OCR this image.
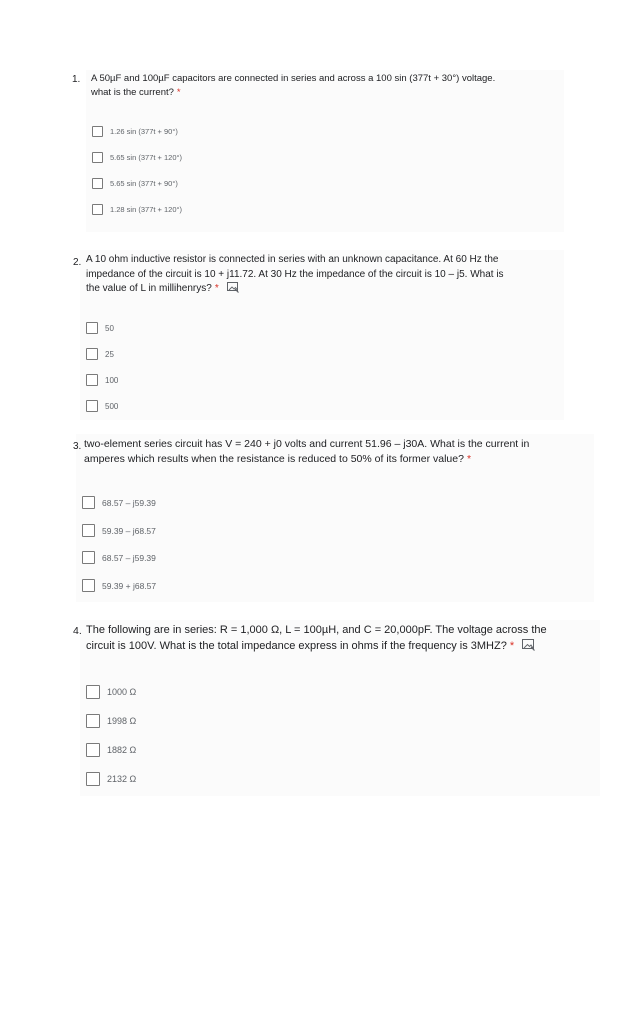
1. A 50µF and 100µF capacitors are connected in series and across a 100 sin (377t + 30°) voltage.
what is the current? *
1.26 sin (377t + 90°)
5.65 sin (377t + 120°)
5.65 sin (377t + 90°)
1.28 sin (377t + 120°)
2. A 10 ohm inductive resistor is connected in series with an unknown capacitance. At 60 Hz the
impedance of the circuit is 10 + j11.72. At 30 Hz the impedance of the circuit is 10 – j5. What is
the value of L in millihenrys? *
50
25
100
500
3. two-element series circuit has V = 240 + j0 volts and current 51.96 – j30A. What is the current in
amperes which results when the resistance is reduced to 50% of its former value? *
68.57 – j59.39
59.39 – j68.57
68.57 – j59.39
59.39 + j68.57
4. The following are in series: R = 1,000 Ω, L = 100µH, and C = 20,000pF. The voltage across the
circuit is 100V. What is the total impedance express in ohms if the frequency is 3MHZ? *
1000 Ω
1998 Ω
1882 Ω
2132 Ω
